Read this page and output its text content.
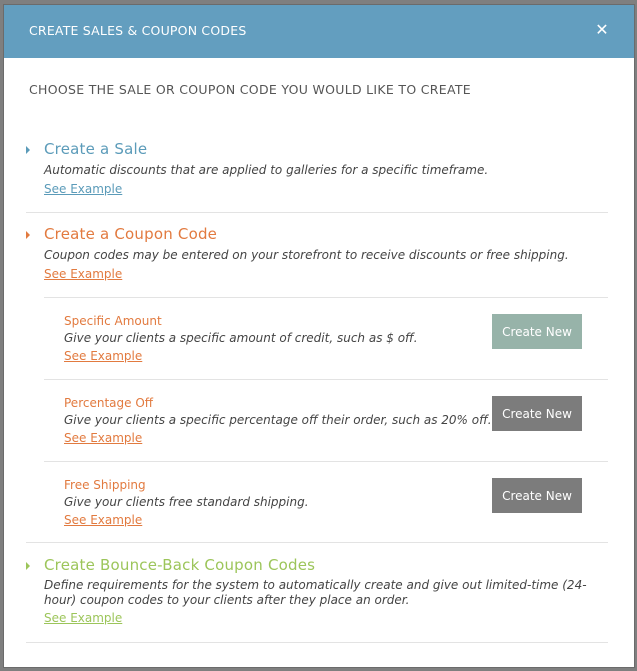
CREATE SALES & COUPON CODES	✕
CHOOSE THE SALE OR COUPON CODE YOU WOULD LIKE TO CREATE
Create a Sale
Automatic discounts that are applied to galleries for a specific timeframe.
See Example
Create a Coupon Code
Coupon codes may be entered on your storefront to receive discounts or free shipping.
See Example
Specific Amount
Give your clients a specific amount of credit, such as $ off.
See Example
Create New
Percentage Off
Give your clients a specific percentage off their order, such as 20% off.
See Example
Create New
Free Shipping
Give your clients free standard shipping.
See Example
Create New
Create Bounce-Back Coupon Codes
Define requirements for the system to automatically create and give out limited-time (24-hour) coupon codes to your clients after they place an order.
See Example
